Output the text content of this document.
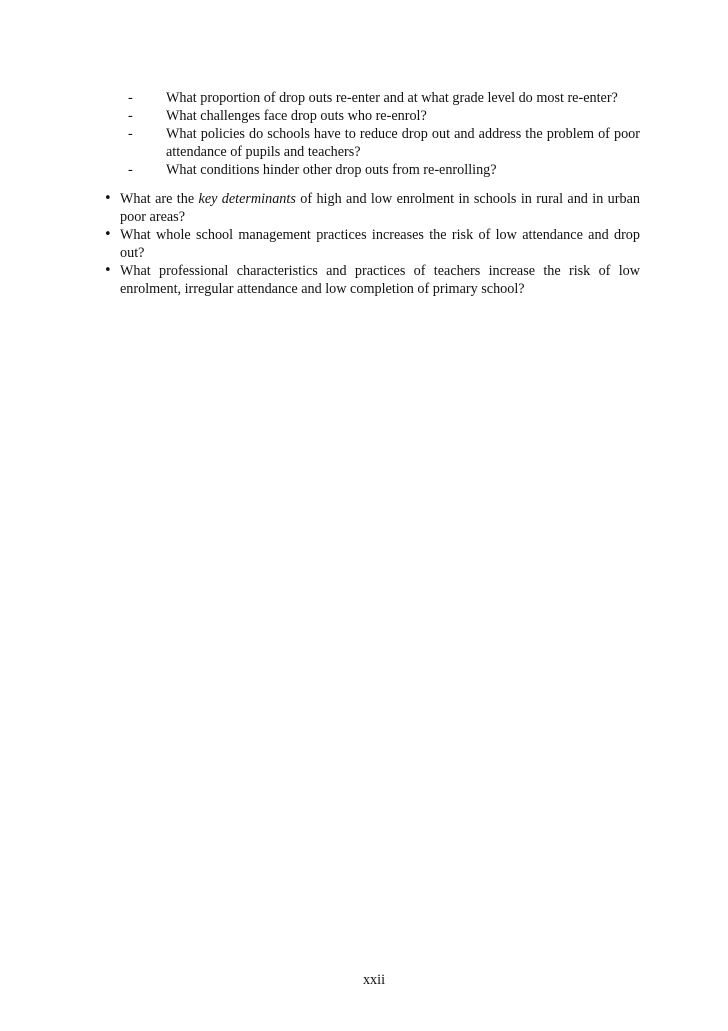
- What proportion of drop outs re-enter and at what grade level do most re-enter?
- What challenges face drop outs who re-enrol?
- What policies do schools have to reduce drop out and address the problem of poor attendance of pupils and teachers?
- What conditions hinder other drop outs from re-enrolling?
• What are the key determinants of high and low enrolment in schools in rural and in urban poor areas?
• What whole school management practices increases the risk of low attendance and drop out?
• What professional characteristics and practices of teachers increase the risk of low enrolment, irregular attendance and low completion of primary school?
xxii
